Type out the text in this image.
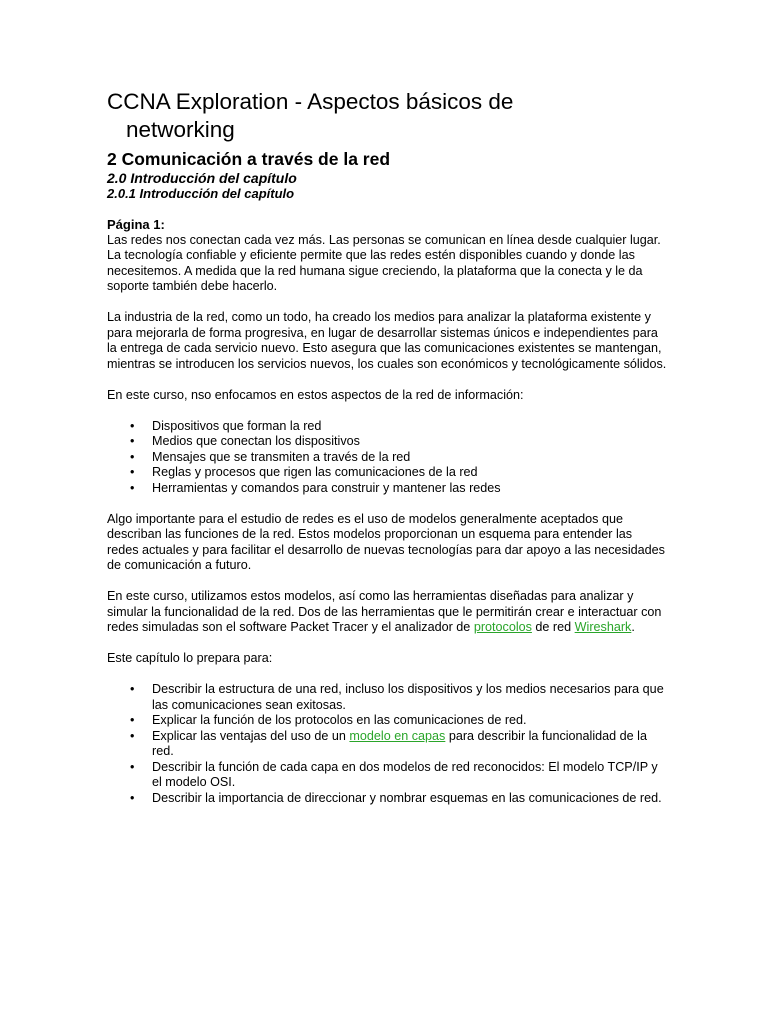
CCNA Exploration - Aspectos básicos de
networking
2 Comunicación a través de la red
2.0 Introducción del capítulo
2.0.1 Introducción del capítulo
Página 1:

Las redes nos conectan cada vez más. Las personas se comunican en línea desde cualquier lugar. La tecnología confiable y eficiente permite que las redes estén disponibles cuando y donde las necesitemos. A medida que la red humana sigue creciendo, la plataforma que la conecta y le da soporte también debe hacerlo.

La industria de la red, como un todo, ha creado los medios para analizar la plataforma existente y para mejorarla de forma progresiva, en lugar de desarrollar sistemas únicos e independientes para la entrega de cada servicio nuevo. Esto asegura que las comunicaciones existentes se mantengan, mientras se introducen los servicios nuevos, los cuales son económicos y tecnológicamente sólidos.

En este curso, nso enfocamos en estos aspectos de la red de información:

• Dispositivos que forman la red
• Medios que conectan los dispositivos
• Mensajes que se transmiten a través de la red
• Reglas y procesos que rigen las comunicaciones de la red
• Herramientas y comandos para construir y mantener las redes

Algo importante para el estudio de redes es el uso de modelos generalmente aceptados que describan las funciones de la red. Estos modelos proporcionan un esquema para entender las redes actuales y para facilitar el desarrollo de nuevas tecnologías para dar apoyo a las necesidades de comunicación a futuro.

En este curso, utilizamos estos modelos, así como las herramientas diseñadas para analizar y simular la funcionalidad de la red. Dos de las herramientas que le permitirán crear e interactuar con redes simuladas son el software Packet Tracer y el analizador de protocolos de red Wireshark.

Este capítulo lo prepara para:

• Describir la estructura de una red, incluso los dispositivos y los medios necesarios para que las comunicaciones sean exitosas.
• Explicar la función de los protocolos en las comunicaciones de red.
• Explicar las ventajas del uso de un modelo en capas para describir la funcionalidad de la red.
• Describir la función de cada capa en dos modelos de red reconocidos: El modelo TCP/IP y el modelo OSI.
• Describir la importancia de direccionar y nombrar esquemas en las comunicaciones de red.
